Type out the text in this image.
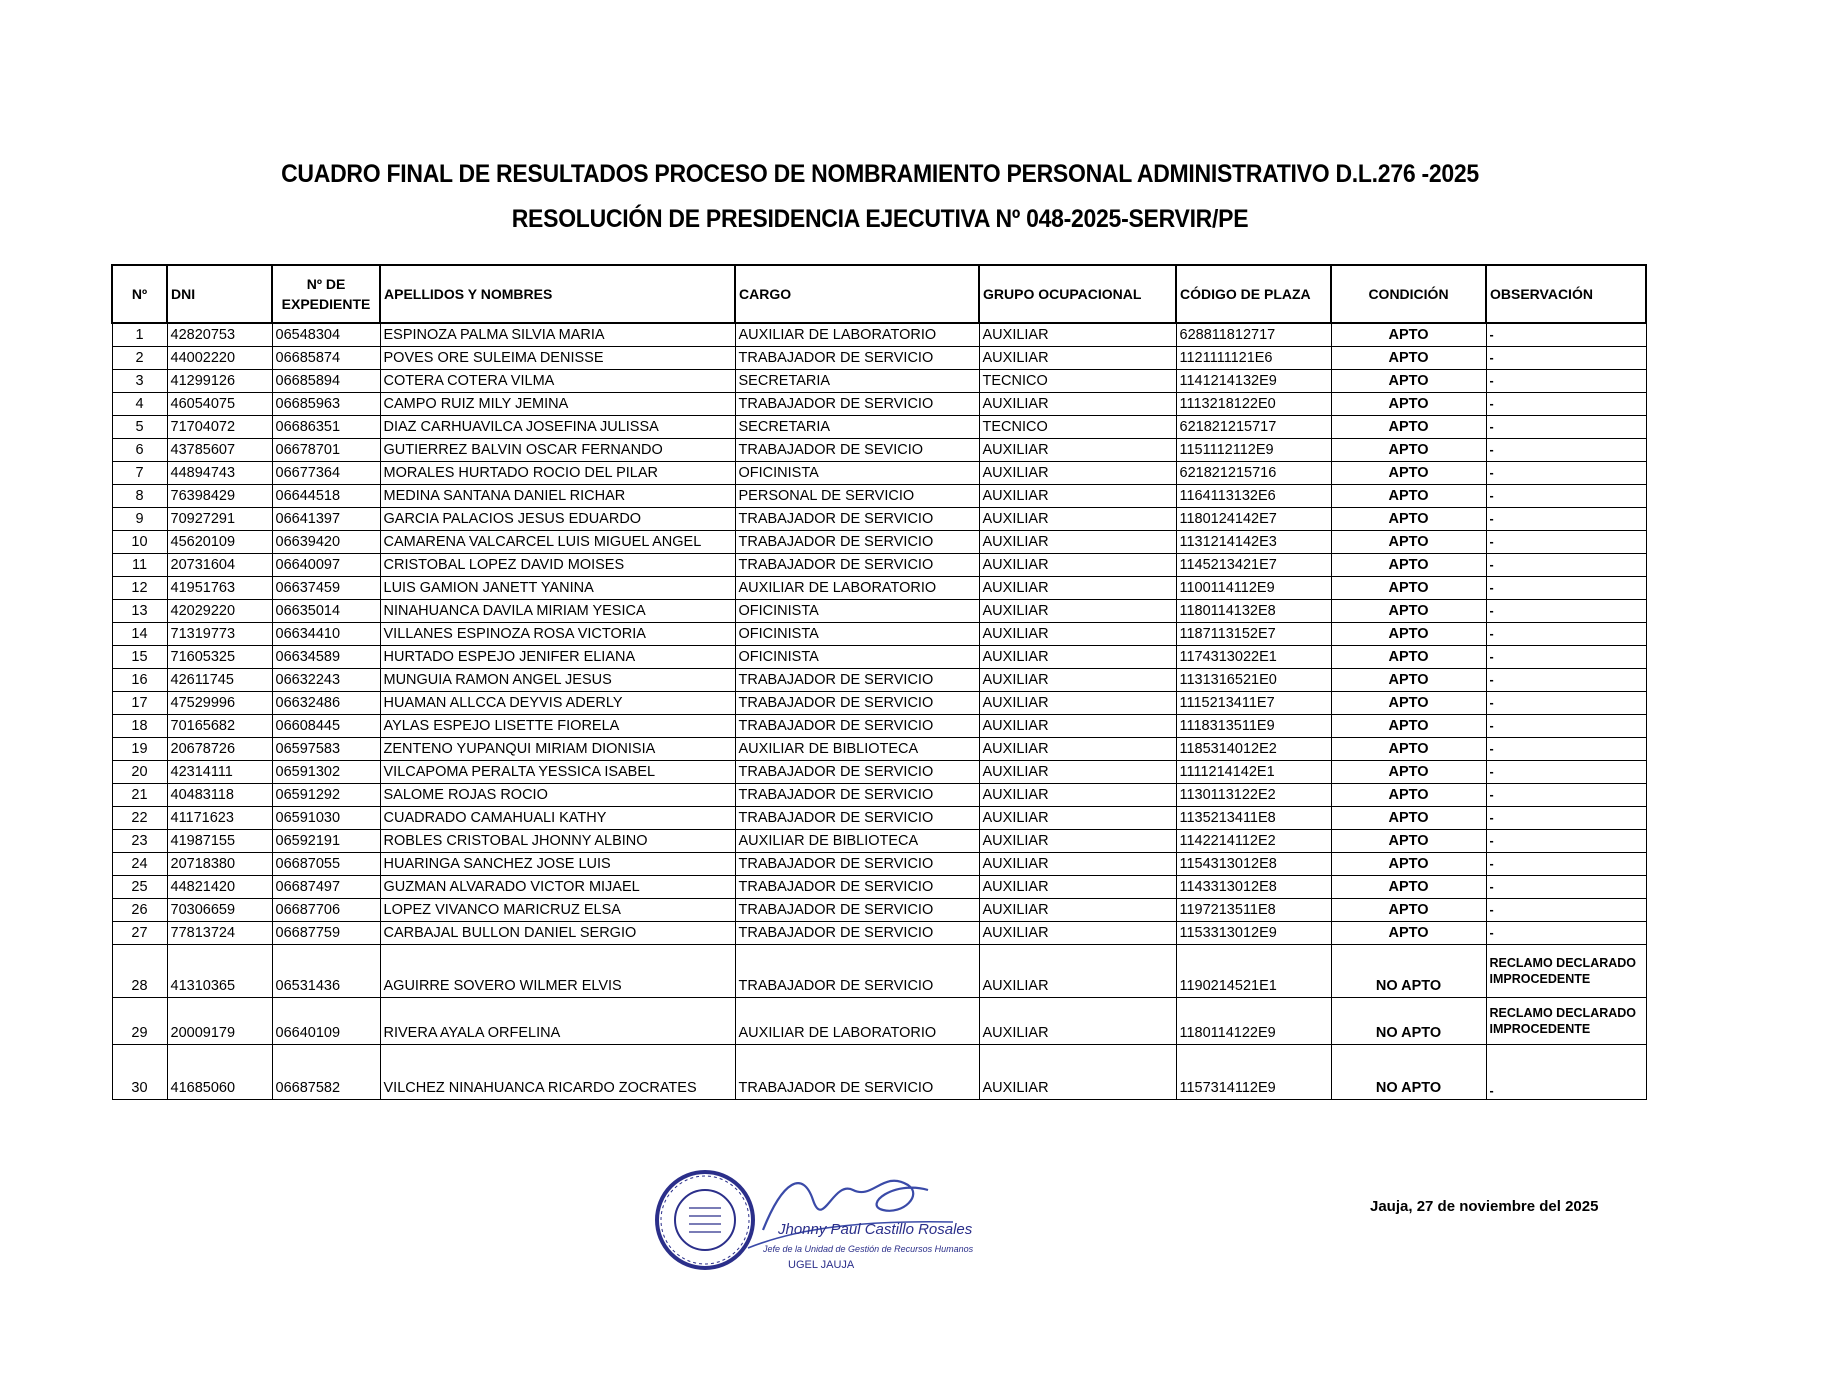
CUADRO FINAL DE RESULTADOS PROCESO DE NOMBRAMIENTO PERSONAL ADMINISTRATIVO D.L.276 -2025
RESOLUCIÓN DE PRESIDENCIA EJECUTIVA Nº 048-2025-SERVIR/PE
Nº	DNI	Nº DE EXPEDIENTE	APELLIDOS Y NOMBRES	CARGO	GRUPO OCUPACIONAL	CÓDIGO DE PLAZA	CONDICIÓN	OBSERVACIÓN
1	42820753	06548304	ESPINOZA PALMA SILVIA MARIA	AUXILIAR DE LABORATORIO	AUXILIAR	628811812717	APTO	-
2	44002220	06685874	POVES ORE SULEIMA DENISSE	TRABAJADOR DE SERVICIO	AUXILIAR	1121111121E6	APTO	-
3	41299126	06685894	COTERA COTERA VILMA	SECRETARIA	TECNICO	1141214132E9	APTO	-
4	46054075	06685963	CAMPO RUIZ MILY JEMINA	TRABAJADOR DE SERVICIO	AUXILIAR	1113218122E0	APTO	-
5	71704072	06686351	DIAZ CARHUAVILCA JOSEFINA JULISSA	SECRETARIA	TECNICO	621821215717	APTO	-
6	43785607	06678701	GUTIERREZ BALVIN OSCAR FERNANDO	TRABAJADOR DE SEVICIO	AUXILIAR	1151112112E9	APTO	-
7	44894743	06677364	MORALES HURTADO ROCIO DEL PILAR	OFICINISTA	AUXILIAR	621821215716	APTO	-
8	76398429	06644518	MEDINA SANTANA DANIEL RICHAR	PERSONAL DE SERVICIO	AUXILIAR	1164113132E6	APTO	-
9	70927291	06641397	GARCIA PALACIOS JESUS EDUARDO	TRABAJADOR DE SERVICIO	AUXILIAR	1180124142E7	APTO	-
10	45620109	06639420	CAMARENA VALCARCEL LUIS MIGUEL ANGEL	TRABAJADOR DE SERVICIO	AUXILIAR	1131214142E3	APTO	-
11	20731604	06640097	CRISTOBAL LOPEZ DAVID MOISES	TRABAJADOR DE SERVICIO	AUXILIAR	1145213421E7	APTO	-
12	41951763	06637459	LUIS GAMION JANETT YANINA	AUXILIAR DE LABORATORIO	AUXILIAR	1100114112E9	APTO	-
13	42029220	06635014	NINAHUANCA DAVILA MIRIAM YESICA	OFICINISTA	AUXILIAR	1180114132E8	APTO	-
14	71319773	06634410	VILLANES ESPINOZA ROSA VICTORIA	OFICINISTA	AUXILIAR	1187113152E7	APTO	-
15	71605325	06634589	HURTADO ESPEJO JENIFER ELIANA	OFICINISTA	AUXILIAR	1174313022E1	APTO	-
16	42611745	06632243	MUNGUIA RAMON ANGEL JESUS	TRABAJADOR DE SERVICIO	AUXILIAR	1131316521E0	APTO	-
17	47529996	06632486	HUAMAN ALLCCA DEYVIS ADERLY	TRABAJADOR DE SERVICIO	AUXILIAR	1115213411E7	APTO	-
18	70165682	06608445	AYLAS ESPEJO LISETTE FIORELA	TRABAJADOR DE SERVICIO	AUXILIAR	1118313511E9	APTO	-
19	20678726	06597583	ZENTENO YUPANQUI MIRIAM DIONISIA	AUXILIAR DE BIBLIOTECA	AUXILIAR	1185314012E2	APTO	-
20	42314111	06591302	VILCAPOMA PERALTA YESSICA ISABEL	TRABAJADOR DE SERVICIO	AUXILIAR	1111214142E1	APTO	-
21	40483118	06591292	SALOME ROJAS ROCIO	TRABAJADOR DE SERVICIO	AUXILIAR	1130113122E2	APTO	-
22	41171623	06591030	CUADRADO CAMAHUALI KATHY	TRABAJADOR DE SERVICIO	AUXILIAR	1135213411E8	APTO	-
23	41987155	06592191	ROBLES CRISTOBAL JHONNY ALBINO	AUXILIAR DE BIBLIOTECA	AUXILIAR	1142214112E2	APTO	-
24	20718380	06687055	HUARINGA SANCHEZ JOSE LUIS	TRABAJADOR DE SERVICIO	AUXILIAR	1154313012E8	APTO	-
25	44821420	06687497	GUZMAN ALVARADO VICTOR MIJAEL	TRABAJADOR DE SERVICIO	AUXILIAR	1143313012E8	APTO	-
26	70306659	06687706	LOPEZ VIVANCO MARICRUZ ELSA	TRABAJADOR DE SERVICIO	AUXILIAR	1197213511E8	APTO	-
27	77813724	06687759	CARBAJAL BULLON DANIEL SERGIO	TRABAJADOR DE SERVICIO	AUXILIAR	1153313012E9	APTO	-
28	41310365	06531436	AGUIRRE SOVERO WILMER ELVIS	TRABAJADOR DE SERVICIO	AUXILIAR	1190214521E1	NO APTO	RECLAMO DECLARADO IMPROCEDENTE
29	20009179	06640109	RIVERA AYALA ORFELINA	AUXILIAR DE LABORATORIO	AUXILIAR	1180114122E9	NO APTO	RECLAMO DECLARADO IMPROCEDENTE
30	41685060	06687582	VILCHEZ NINAHUANCA RICARDO ZOCRATES	TRABAJADOR DE SERVICIO	AUXILIAR	1157314112E9	NO APTO	-
Jhonny Paul Castillo Rosales
Jefe de la Unidad de Gestión de Recursos Humanos
UGEL JAUJA
Jauja, 27 de noviembre del 2025
